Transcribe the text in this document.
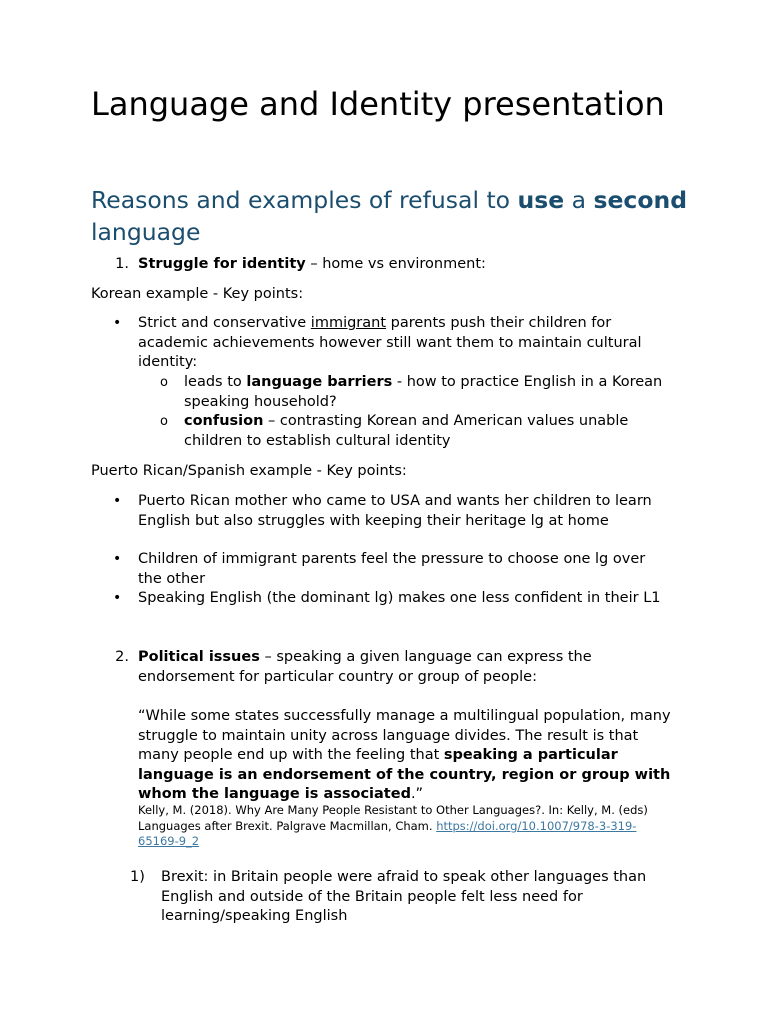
Language and Identity presentation
Reasons and examples of refusal to use a second language
1. Struggle for identity – home vs environment:
Korean example - Key points:
• Strict and conservative immigrant parents push their children for academic achievements however still want them to maintain cultural identity:
o leads to language barriers - how to practice English in a Korean speaking household?
o confusion – contrasting Korean and American values unable children to establish cultural identity
Puerto Rican/Spanish example - Key points:
• Puerto Rican mother who came to USA and wants her children to learn English but also struggles with keeping their heritage lg at home
• Children of immigrant parents feel the pressure to choose one lg over the other
• Speaking English (the dominant lg) makes one less confident in their L1
2. Political issues – speaking a given language can express the endorsement for particular country or group of people:
“While some states successfully manage a multilingual population, many struggle to maintain unity across language divides. The result is that many people end up with the feeling that speaking a particular language is an endorsement of the country, region or group with whom the language is associated.”
Kelly, M. (2018). Why Are Many People Resistant to Other Languages?. In: Kelly, M. (eds) Languages after Brexit. Palgrave Macmillan, Cham. https://doi.org/10.1007/978-3-319-65169-9_2
1)	Brexit: in Britain people were afraid to speak other languages than English and outside of the Britain people felt less need for learning/speaking English
